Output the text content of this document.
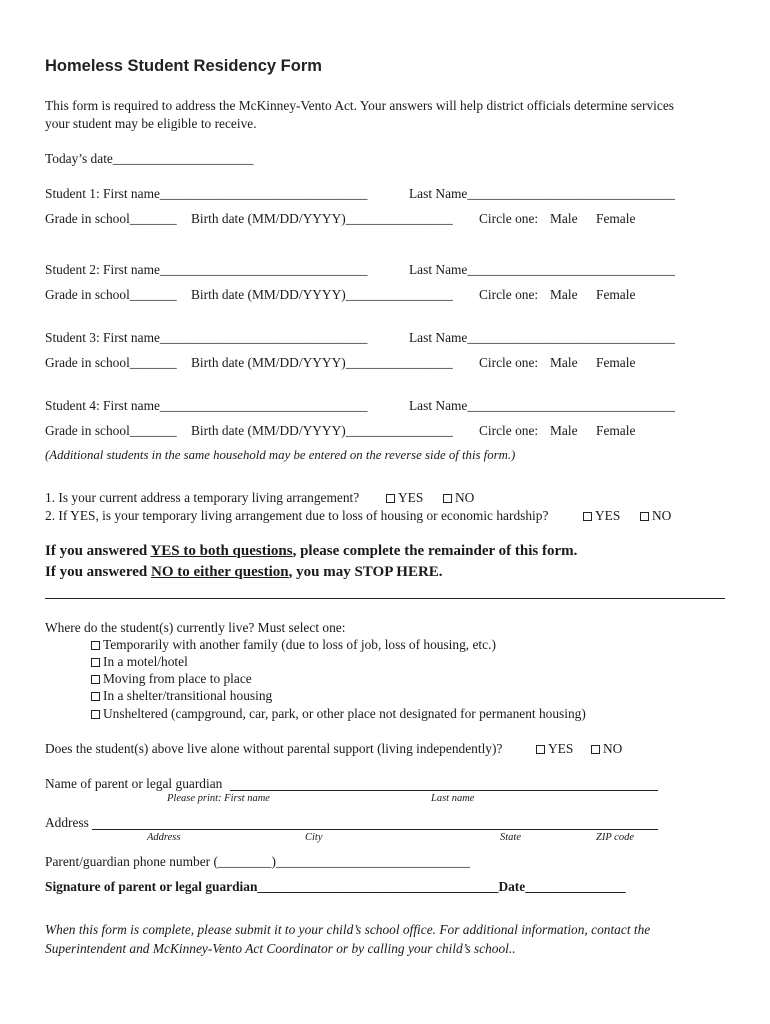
Homeless Student Residency Form
This form is required to address the McKinney-Vento Act. Your answers will help district officials determine services
your student may be eligible to receive.
Today’s date_____________________
Student 1: First name_______________________________	Last Name_______________________________
Grade in school_______ Birth date (MM/DD/YYYY)________________ Circle one: Male Female
Student 2: First name_______________________________	Last Name_______________________________
Grade in school_______ Birth date (MM/DD/YYYY)________________ Circle one: Male Female
Student 3: First name_______________________________	Last Name_______________________________
Grade in school_______ Birth date (MM/DD/YYYY)________________ Circle one: Male Female
Student 4: First name_______________________________	Last Name_______________________________
Grade in school_______ Birth date (MM/DD/YYYY)________________ Circle one: Male Female
(Additional students in the same household may be entered on the reverse side of this form.)
1. Is your current address a temporary living arrangement?	YES	NO
2. If YES, is your temporary living arrangement due to loss of housing or economic hardship?	YES	NO
If you answered YES to both questions, please complete the remainder of this form.
If you answered NO to either question, you may STOP HERE.
Where do the student(s) currently live? Must select one:
Temporarily with another family (due to loss of job, loss of housing, etc.)
In a motel/hotel
Moving from place to place
In a shelter/transitional housing
Unsheltered (campground, car, park, or other place not designated for permanent housing)
Does the student(s) above live alone without parental support (living independently)?	YES	NO
Name of parent or legal guardian
Please print: First name	Last name
Address
Address	City	State	ZIP code
Parent/guardian phone number (________)_____________________________
Signature of parent or legal guardian____________________________________Date_______________
When this form is complete, please submit it to your child’s school office. For additional information, contact the
Superintendent and McKinney-Vento Act Coordinator or by calling your child’s school..
